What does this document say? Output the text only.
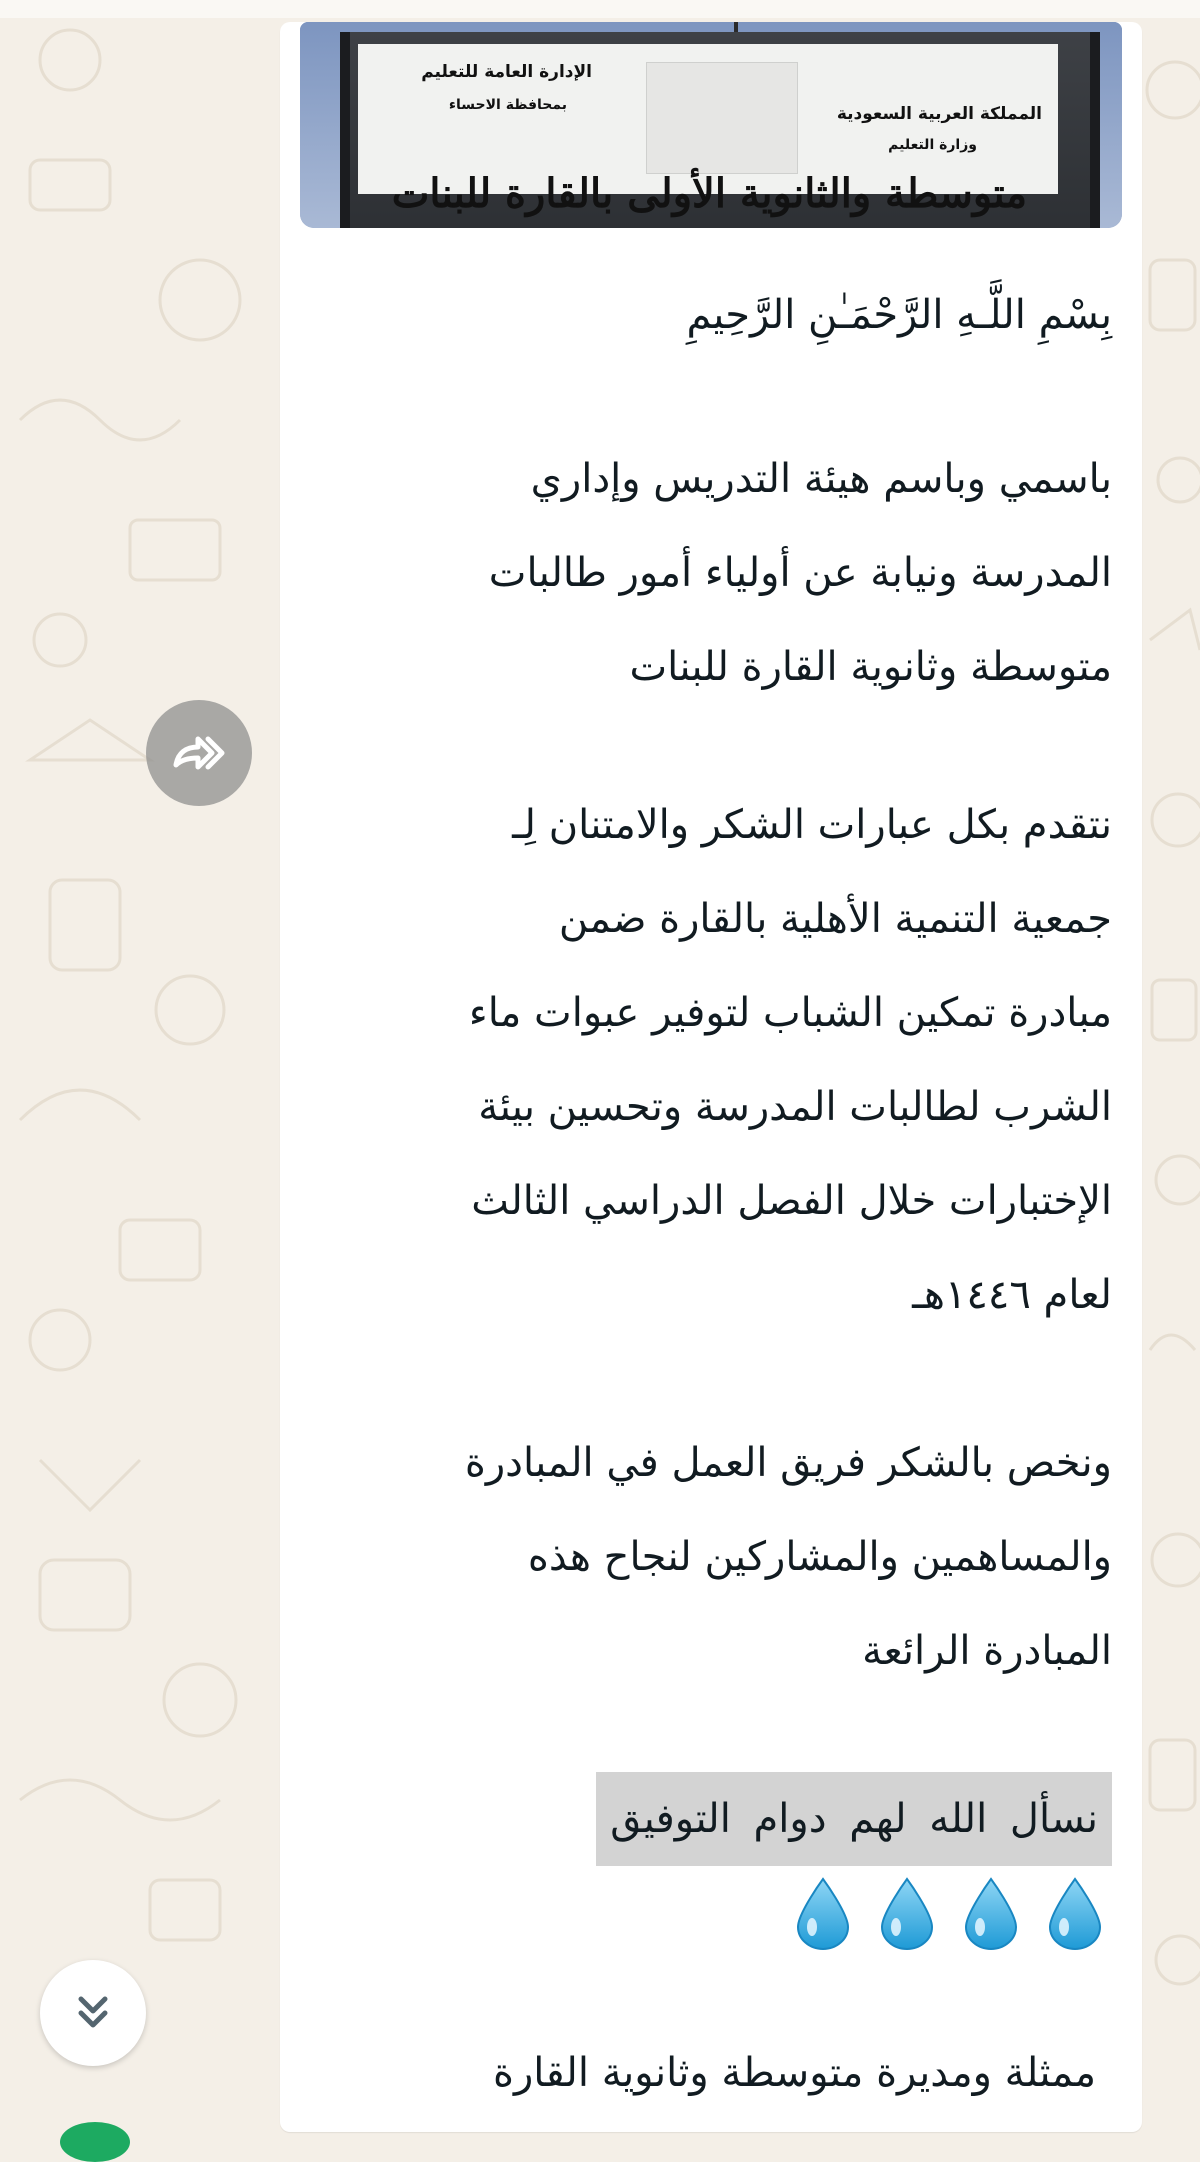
الإدارة العامة للتعليم
بمحافظة الاحساء	المملكة العربية السعودية
وزارة التعليم
متوسطة والثانوية الأولى بالقارة للبنات
بِسْمِ اللَّـهِ الرَّحْمَـٰنِ الرَّحِيمِ
باسمي وباسم هيئة التدريس وإداري
المدرسة ونيابة عن أولياء أمور طالبات
متوسطة وثانوية القارة للبنات
نتقدم بكل عبارات الشكر والامتنان لِـ
جمعية التنمية الأهلية بالقارة ضمن
مبادرة تمكين الشباب لتوفير عبوات ماء
الشرب لطالبات المدرسة وتحسين بيئة
الإختبارات خلال الفصل الدراسي الثالث
لعام ١٤٤٦هـ
ونخص بالشكر فريق العمل في المبادرة
والمساهمين والمشاركين لنجاح هذه
المبادرة الرائعة
نسأل الله لهم دوام التوفيق
ممثلة ومديرة متوسطة وثانوية القارة
